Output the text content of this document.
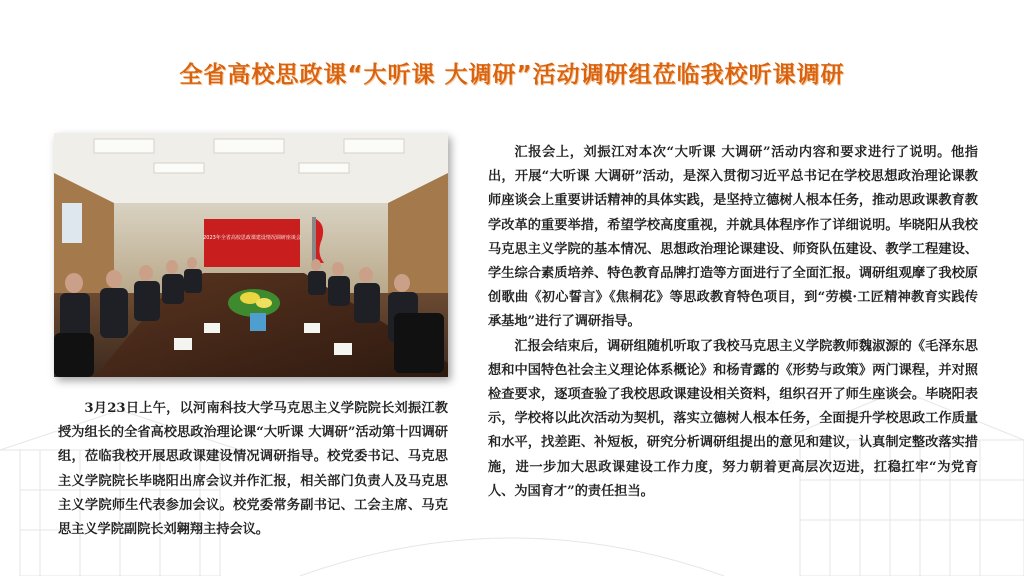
全省高校思政课“大听课 大调研”活动调研组莅临我校听课调研
2023年全省高校思政课建设情况调研座谈会

3月23日上午，以河南科技大学马克思主义学院院长刘振江教授为组长的全省高校思政治理论课“大听课 大调研”活动第十四调研组，莅临我校开展思政课建设情况调研指导。校党委书记、马克思主义学院院长毕晓阳出席会议并作汇报，相关部门负责人及马克思主义学院师生代表参加会议。校党委常务副书记、工会主席、马克思主义学院副院长刘翱翔主持会议。

汇报会上，刘振江对本次“大听课 大调研”活动内容和要求进行了说明。他指出，开展“大听课 大调研”活动，是深入贯彻习近平总书记在学校思想政治理论课教师座谈会上重要讲话精神的具体实践，是坚持立德树人根本任务，推动思政课教育教学改革的重要举措，希望学校高度重视，并就具体程序作了详细说明。毕晓阳从我校马克思主义学院的基本情况、思想政治理论课建设、师资队伍建设、教学工程建设、学生综合素质培养、特色教育品牌打造等方面进行了全面汇报。调研组观摩了我校原创歌曲《初心誓言》《焦桐花》等思政教育特色项目，到“劳模·工匠精神教育实践传承基地”进行了调研指导。

汇报会结束后，调研组随机听取了我校马克思主义学院教师魏淑源的《毛泽东思想和中国特色社会主义理论体系概论》和杨青露的《形势与政策》两门课程，并对照检查要求，逐项查验了我校思政课建设相关资料，组织召开了师生座谈会。毕晓阳表示，学校将以此次活动为契机，落实立德树人根本任务，全面提升学校思政工作质量和水平，找差距、补短板，研究分析调研组提出的意见和建议，认真制定整改落实措施，进一步加大思政课建设工作力度，努力朝着更高层次迈进，扛稳扛牢“为党育人、为国育才”的责任担当。
